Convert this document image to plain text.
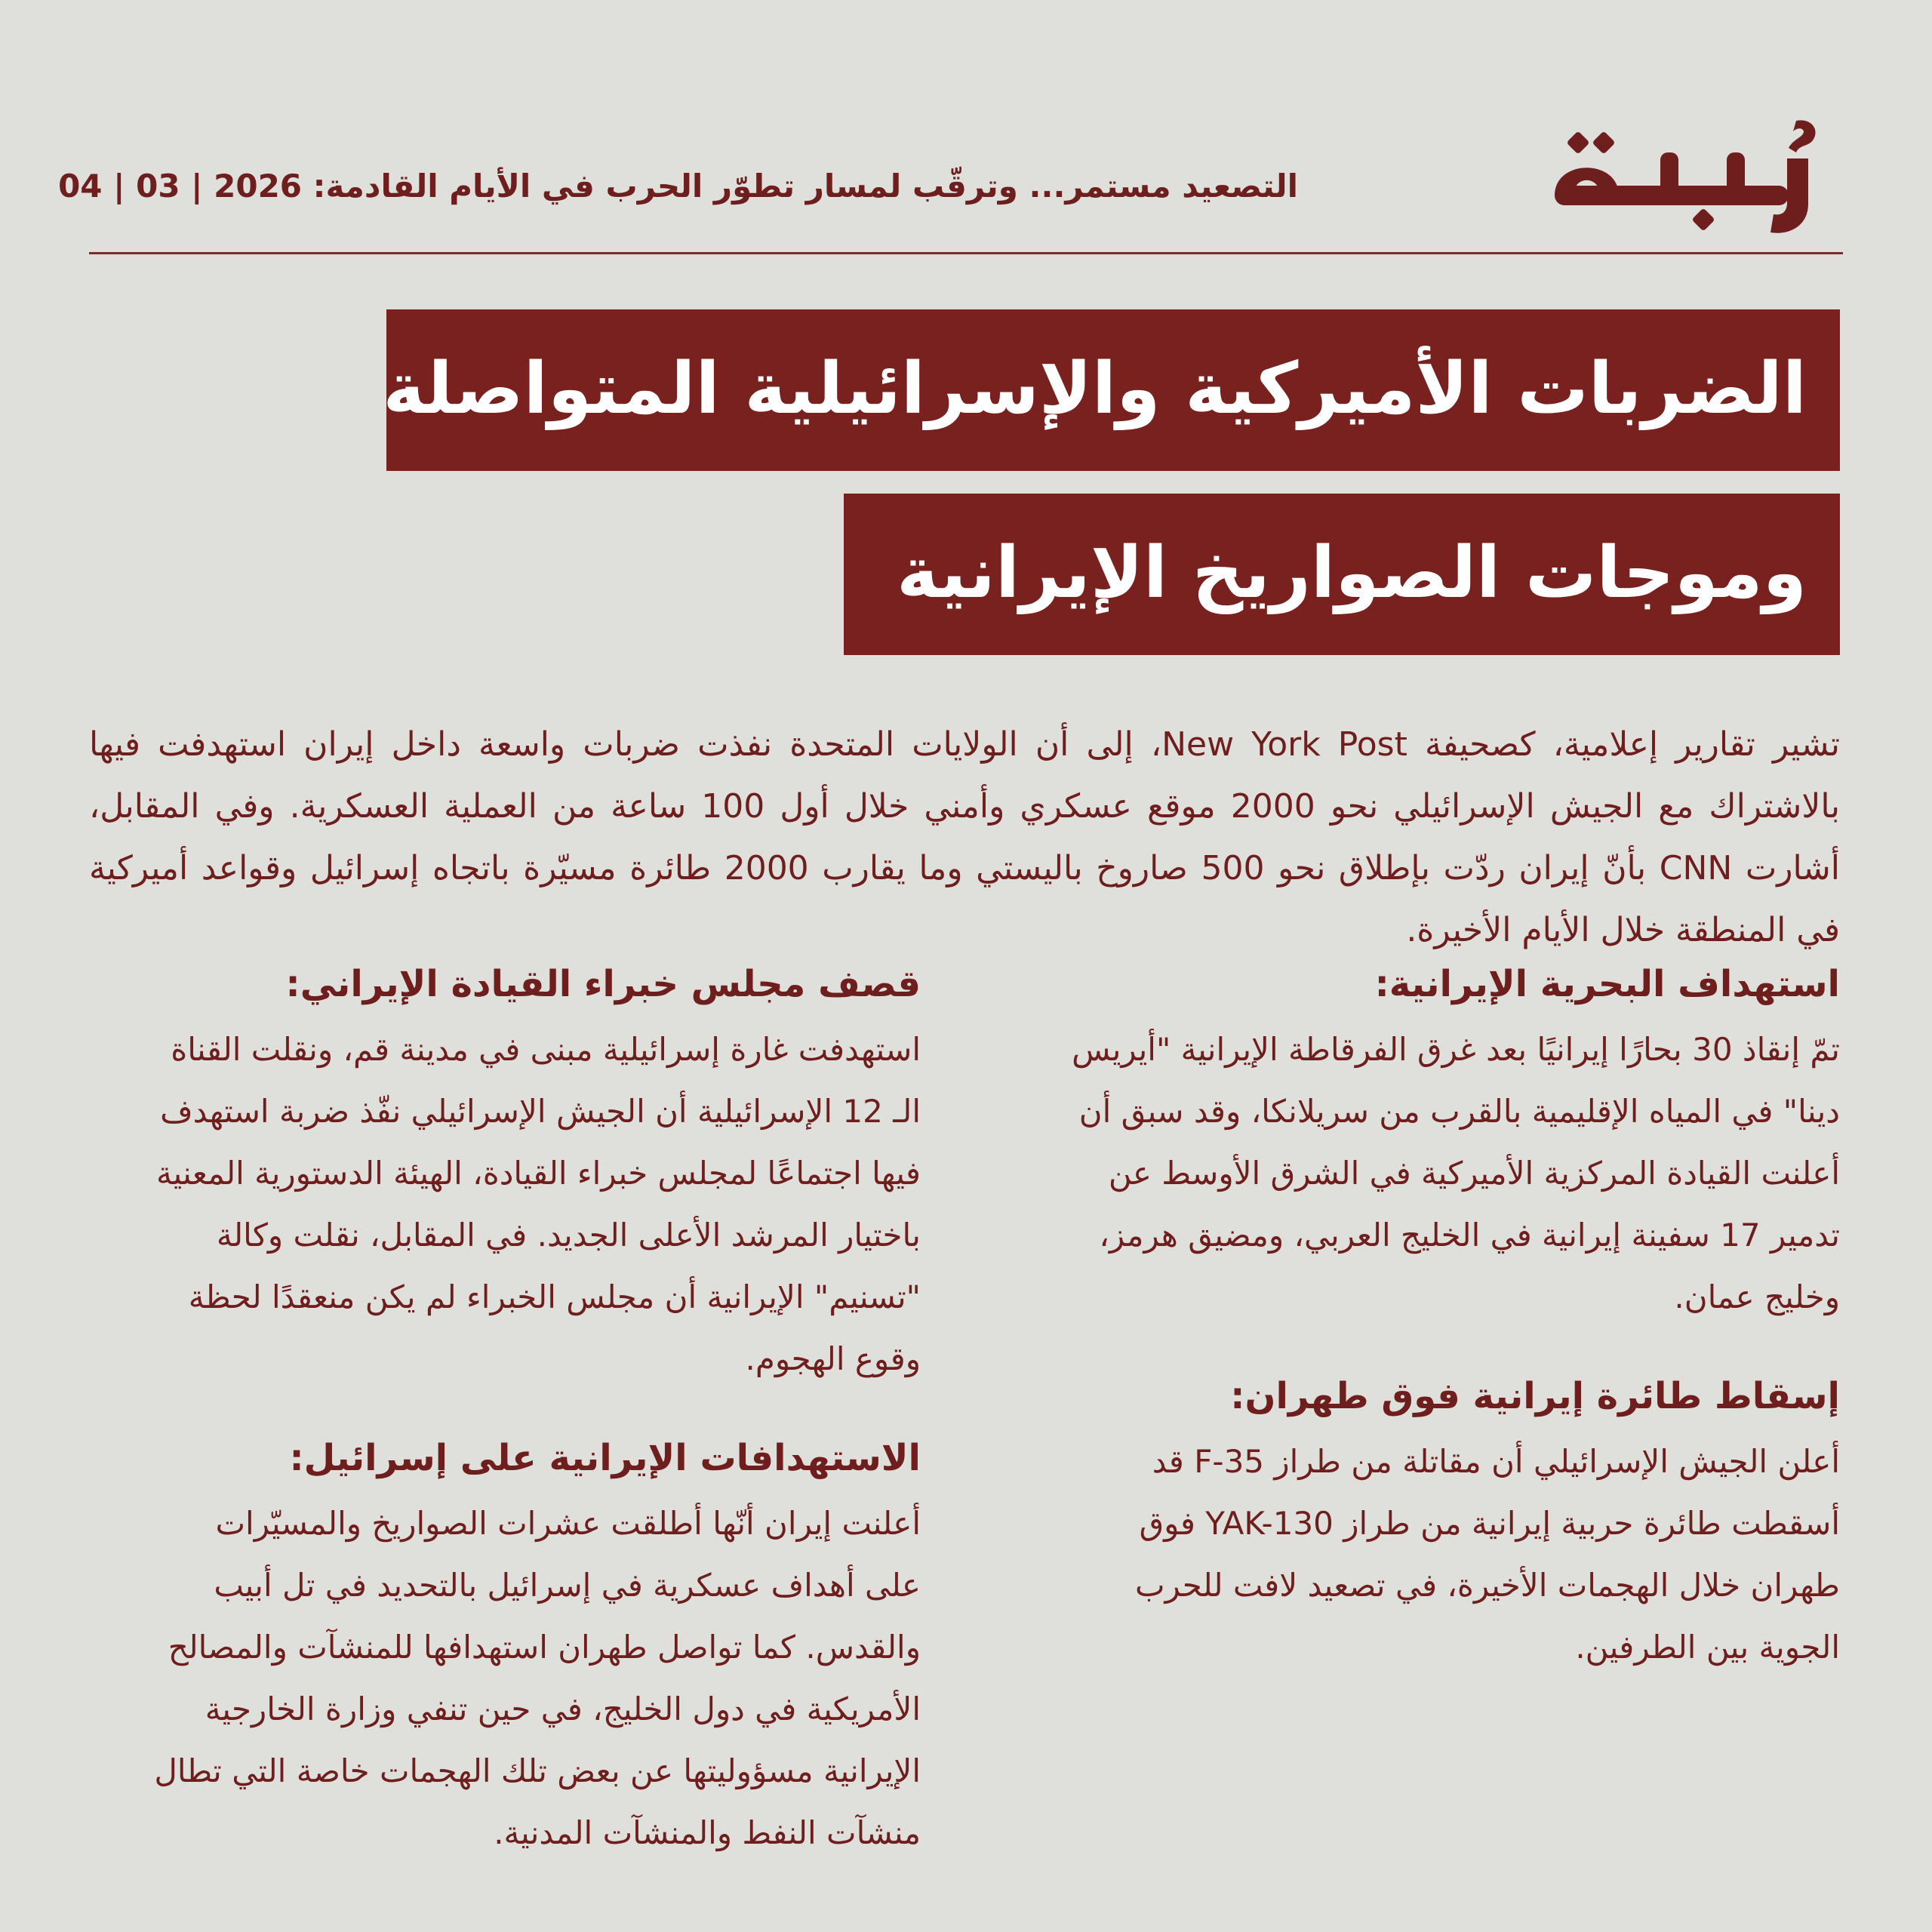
التصعيد مستمر... وترقّب لمسار تطوّر الحرب في الأيام القادمة: 04 | 03 | 2026
الضربات الأميركية والإسرائيلية المتواصلة
وموجات الصواريخ الإيرانية

تشير تقارير إعلامية، كصحيفة New York Post، إلى أن الولايات المتحدة نفذت ضربات واسعة داخل إيران استهدفت فيها بالاشتراك مع الجيش الإسرائيلي نحو 2000 موقع عسكري وأمني خلال أول 100 ساعة من العملية العسكرية. وفي المقابل، أشارت CNN بأنّ إيران ردّت بإطلاق نحو 500 صاروخ باليستي وما يقارب 2000 طائرة مسيّرة باتجاه إسرائيل وقواعد أميركية في المنطقة خلال الأيام الأخيرة.

استهداف البحرية الإيرانية:

تمّ إنقاذ 30 بحارًا إيرانيًا بعد غرق الفرقاطة الإيرانية "أيريس دينا" في المياه الإقليمية بالقرب من سريلانكا، وقد سبق أن أعلنت القيادة المركزية الأميركية في الشرق الأوسط عن تدمير 17 سفينة إيرانية في الخليج العربي، ومضيق هرمز، وخليج عمان.

إسقاط طائرة إيرانية فوق طهران:

أعلن الجيش الإسرائيلي أن مقاتلة من طراز F-35 قد أسقطت طائرة حربية إيرانية من طراز YAK-130 فوق طهران خلال الهجمات الأخيرة، في تصعيد لافت للحرب الجوية بين الطرفين.

قصف مجلس خبراء القيادة الإيراني:

استهدفت غارة إسرائيلية مبنى في مدينة قم، ونقلت القناة الـ 12 الإسرائيلية أن الجيش الإسرائيلي نفّذ ضربة استهدف فيها اجتماعًا لمجلس خبراء القيادة، الهيئة الدستورية المعنية باختيار المرشد الأعلى الجديد. في المقابل، نقلت وكالة "تسنيم" الإيرانية أن مجلس الخبراء لم يكن منعقدًا لحظة وقوع الهجوم.

الاستهدافات الإيرانية على إسرائيل:

أعلنت إيران أنّها أطلقت عشرات الصواريخ والمسيّرات على أهداف عسكرية في إسرائيل بالتحديد في تل أبيب والقدس. كما تواصل طهران استهدافها للمنشآت والمصالح الأمريكية في دول الخليج، في حين تنفي وزارة الخارجية الإيرانية مسؤوليتها عن بعض تلك الهجمات خاصة التي تطال منشآت النفط والمنشآت المدنية.
